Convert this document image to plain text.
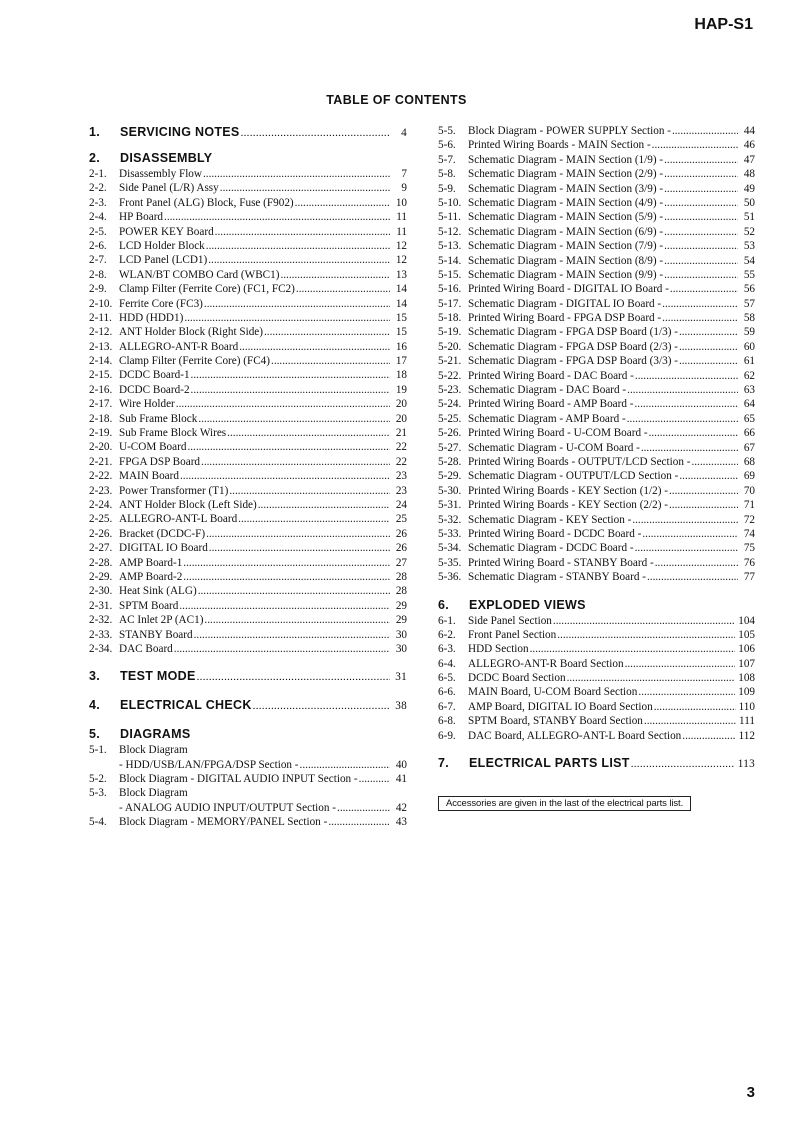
HAP-S1
TABLE OF CONTENTS
1.	SERVICING NOTES .....	4
2.	DISASSEMBLY
2-1.	Disassembly Flow .....	7
2-2.	Side Panel (L/R) Assy .....	9
2-3.	Front Panel (ALG) Block, Fuse (F902) .....	10
2-4.	HP Board .....	11
2-5.	POWER KEY Board .....	11
2-6.	LCD Holder Block .....	12
2-7.	LCD Panel (LCD1) .....	12
2-8.	WLAN/BT COMBO Card (WBC1) .....	13
2-9.	Clamp Filter (Ferrite Core) (FC1, FC2) .....	14
2-10. Ferrite Core (FC3) .....	14
2-11. HDD (HDD1) .....	15
2-12. ANT Holder Block (Right Side) .....	15
2-13. ALLEGRO-ANT-R Board .....	16
2-14. Clamp Filter (Ferrite Core) (FC4) .....	17
2-15. DCDC Board-1 .....	18
2-16. DCDC Board-2 .....	19
2-17. Wire Holder .....	20
2-18. Sub Frame Block .....	20
2-19. Sub Frame Block Wires .....	21
2-20. U-COM Board .....	22
2-21. FPGA DSP Board .....	22
2-22. MAIN Board .....	23
2-23. Power Transformer (T1) .....	23
2-24. ANT Holder Block (Left Side) .....	24
2-25. ALLEGRO-ANT-L Board .....	25
2-26. Bracket (DCDC-F) .....	26
2-27. DIGITAL IO Board .....	26
2-28. AMP Board-1 .....	27
2-29. AMP Board-2 .....	28
2-30. Heat Sink (ALG) .....	28
2-31. SPTM Board .....	29
2-32. AC Inlet 2P (AC1) .....	29
2-33. STANBY Board .....	30
2-34. DAC Board .....	30
3.	TEST MODE .....	31
4.	ELECTRICAL CHECK .....	38
5.	DIAGRAMS
5-1.	Block Diagram
- HDD/USB/LAN/FPGA/DSP Section - .....	40
5-2.	Block Diagram - DIGITAL AUDIO INPUT Section - .....	41
5-3.	Block Diagram
- ANALOG AUDIO INPUT/OUTPUT Section - .....	42
5-4.	Block Diagram - MEMORY/PANEL Section - .....	43
5-5.	Block Diagram - POWER SUPPLY Section - .....	44
5-6.	Printed Wiring Boards - MAIN Section - .....	46
5-7.	Schematic Diagram - MAIN Section (1/9) - .....	47
5-8.	Schematic Diagram - MAIN Section (2/9) - .....	48
5-9.	Schematic Diagram - MAIN Section (3/9) - .....	49
5-10. Schematic Diagram - MAIN Section (4/9) - .....	50
5-11. Schematic Diagram - MAIN Section (5/9) - .....	51
5-12. Schematic Diagram - MAIN Section (6/9) - .....	52
5-13. Schematic Diagram - MAIN Section (7/9) - .....	53
5-14. Schematic Diagram - MAIN Section (8/9) - .....	54
5-15. Schematic Diagram - MAIN Section (9/9) - .....	55
5-16. Printed Wiring Board - DIGITAL IO Board - .....	56
5-17. Schematic Diagram - DIGITAL IO Board - .....	57
5-18. Printed Wiring Board - FPGA DSP Board - .....	58
5-19. Schematic Diagram - FPGA DSP Board (1/3) - .....	59
5-20. Schematic Diagram - FPGA DSP Board (2/3) - .....	60
5-21. Schematic Diagram - FPGA DSP Board (3/3) - .....	61
5-22. Printed Wiring Board - DAC Board - .....	62
5-23. Schematic Diagram - DAC Board - .....	63
5-24. Printed Wiring Board - AMP Board - .....	64
5-25. Schematic Diagram - AMP Board - .....	65
5-26. Printed Wiring Board - U-COM Board - .....	66
5-27. Schematic Diagram - U-COM Board - .....	67
5-28. Printed Wiring Boards - OUTPUT/LCD Section - .....	68
5-29. Schematic Diagram - OUTPUT/LCD Section - .....	69
5-30. Printed Wiring Boards - KEY Section (1/2) - .....	70
5-31. Printed Wiring Boards - KEY Section (2/2) - .....	71
5-32. Schematic Diagram - KEY Section - .....	72
5-33. Printed Wiring Board - DCDC Board - .....	74
5-34. Schematic Diagram - DCDC Board - .....	75
5-35. Printed Wiring Board - STANBY Board - .....	76
5-36. Schematic Diagram - STANBY Board - .....	77
6.	EXPLODED VIEWS
6-1.	Side Panel Section .....	104
6-2.	Front Panel Section .....	105
6-3.	HDD Section .....	106
6-4.	ALLEGRO-ANT-R Board Section .....	107
6-5.	DCDC Board Section .....	108
6-6.	MAIN Board, U-COM Board Section .....	109
6-7.	AMP Board, DIGITAL IO Board Section .....	110
6-8.	SPTM Board, STANBY Board Section .....	111
6-9.	DAC Board, ALLEGRO-ANT-L Board Section .....	112
7.	ELECTRICAL PARTS LIST .....	113
Accessories are given in the last of the electrical parts list.
3
